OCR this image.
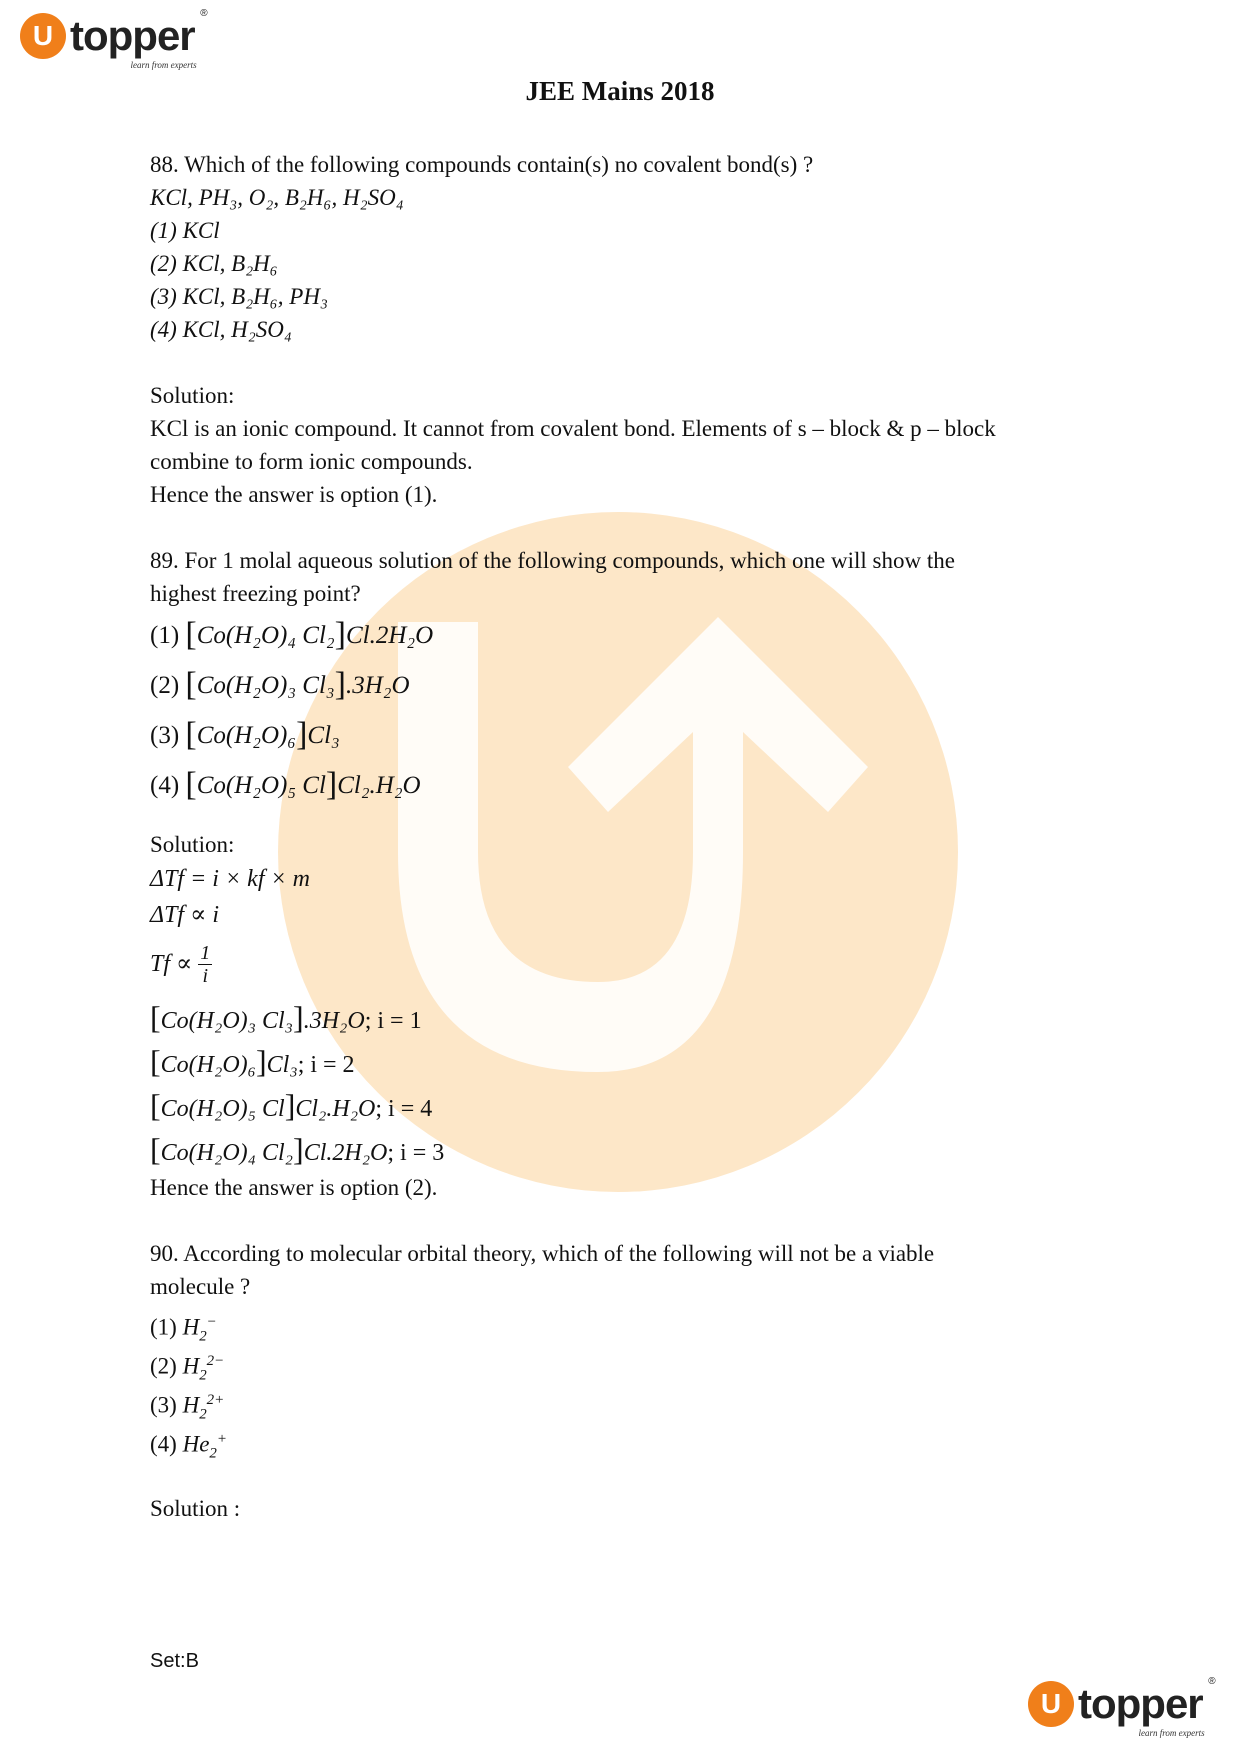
U topper ®
learn from experts
JEE Mains 2018
88. Which of the following compounds contain(s) no covalent bond(s) ?
KCl, PH₃, O₂, B₂H₆, H₂SO₄
(1) KCl
(2) KCl, B₂H₆
(3) KCl, B₂H₆, PH₃
(4) KCl, H₂SO₄
Solution:
KCl is an ionic compound. It cannot from covalent bond. Elements of s – block & p – block
combine to form ionic compounds.
Hence the answer is option (1).
89. For 1 molal aqueous solution of the following compounds, which one will show the
highest freezing point?
(1) [Co(H₂O)₄ Cl₂]Cl.2H₂O
(2) [Co(H₂O)₃ Cl₃].3H₂O
(3) [Co(H₂O)₆]Cl₃
(4) [Co(H₂O)₅ Cl]Cl₂.H₂O
Solution:
ΔTf = i × kf × m
ΔTf ∝ i
$Tf \propto \frac{1}{i}$
[Co(H₂O)₃ Cl₃].3H₂O; i = 1
[Co(H₂O)₆]Cl₃; i = 2
[Co(H₂O)₅ Cl]Cl₂.H₂O; i = 4
[Co(H₂O)₄ Cl₂]Cl.2H₂O; i = 3
Hence the answer is option (2).
90. According to molecular orbital theory, which of the following will not be a viable
molecule ?
(1) $H_2^-$
(2) $H_2^{2-}$
(3) $H_2^{2+}$
(4) $He_2^+$
Solution :
Set:B
U topper ®
learn from experts
